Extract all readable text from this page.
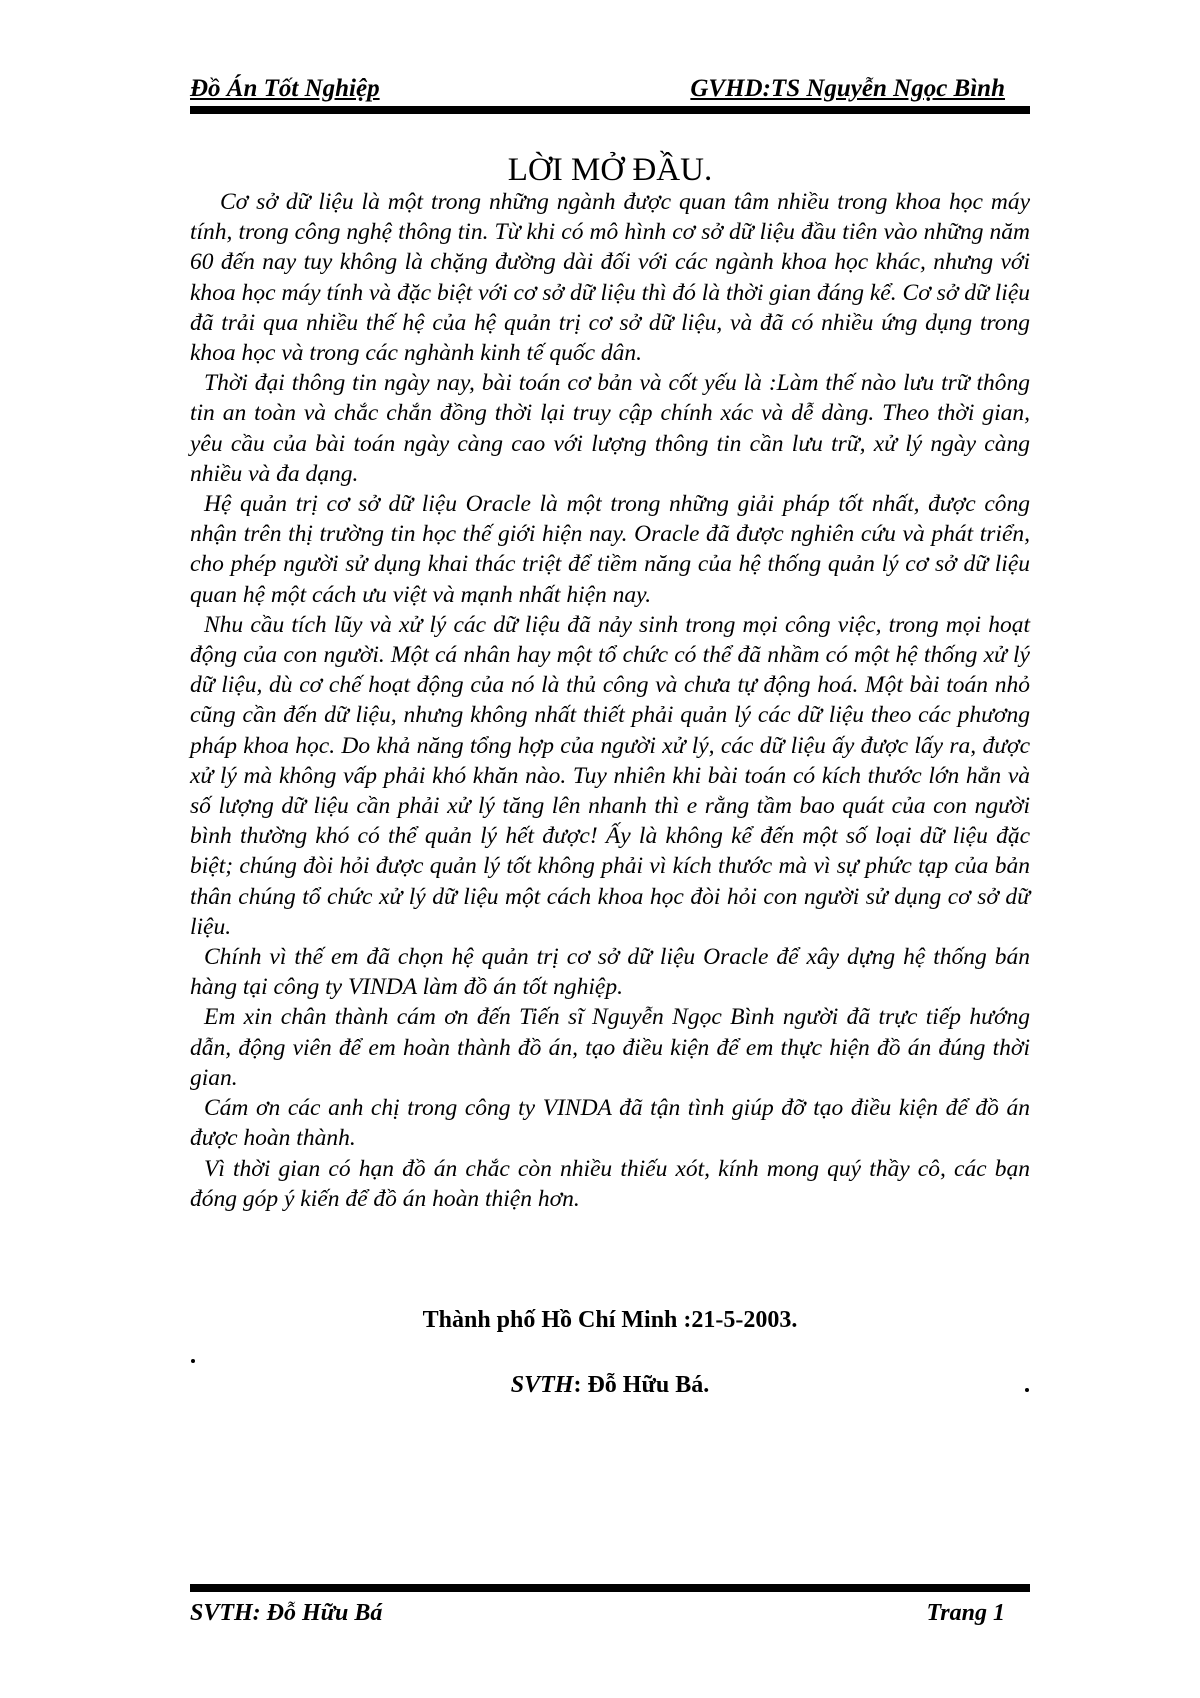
Đồ Án Tốt Nghiệp	GVHD:TS Nguyễn Ngọc Bình
LỜI MỞ ĐẦU.

Cơ sở dữ liệu là một trong những ngành được quan tâm nhiều trong khoa học máy tính, trong công nghệ thông tin. Từ khi có mô hình cơ sở dữ liệu đầu tiên vào những năm 60 đến nay tuy không là chặng đường dài đối với các ngành khoa học khác, nhưng với khoa học máy tính và đặc biệt với cơ sở dữ liệu thì đó là thời gian đáng kể. Cơ sở dữ liệu đã trải qua nhiều thế hệ của hệ quản trị cơ sở dữ liệu, và đã có nhiều ứng dụng trong khoa học và trong các nghành kinh tế quốc dân.

Thời đại thông tin ngày nay, bài toán cơ bản và cốt yếu là :Làm thế nào lưu trữ thông tin an toàn và chắc chắn đồng thời lại truy cập chính xác và dễ dàng. Theo thời gian, yêu cầu của bài toán ngày càng cao với lượng thông tin cần lưu trữ, xử lý ngày càng nhiều và đa dạng.

Hệ quản trị cơ sở dữ liệu Oracle là một trong những giải pháp tốt nhất, được công nhận trên thị trường tin học thế giới hiện nay. Oracle đã được nghiên cứu và phát triển, cho phép người sử dụng khai thác triệt để tiềm năng của hệ thống quản lý cơ sở dữ liệu quan hệ một cách ưu việt và mạnh nhất hiện nay.

Nhu cầu tích lũy và xử lý các dữ liệu đã nảy sinh trong mọi công việc, trong mọi hoạt động của con người. Một cá nhân hay một tổ chức có thể đã nhầm có một hệ thống xử lý dữ liệu, dù cơ chế hoạt động của nó là thủ công và chưa tự động hoá. Một bài toán nhỏ cũng cần đến dữ liệu, nhưng không nhất thiết phải quản lý các dữ liệu theo các phương pháp khoa học. Do khả năng tổng hợp của người xử lý, các dữ liệu ấy được lấy ra, được xử lý mà không vấp phải khó khăn nào. Tuy nhiên khi bài toán có kích thước lớn hẳn và số lượng dữ liệu cần phải xử lý tăng lên nhanh thì e rằng tầm bao quát của con người bình thường khó có thể quản lý hết được! Ấy là không kể đến một số loại dữ liệu đặc biệt; chúng đòi hỏi được quản lý tốt không phải vì kích thước mà vì sự phức tạp của bản thân chúng tổ chức xử lý dữ liệu một cách khoa học đòi hỏi con người sử dụng cơ sở dữ liệu.

Chính vì thế em đã chọn hệ quản trị cơ sở dữ liệu Oracle để xây dựng hệ thống bán hàng tại công ty VINDA làm đồ án tốt nghiệp.

Em xin chân thành cám ơn đến Tiến sĩ Nguyễn Ngọc Bình người đã trực tiếp hướng dẫn, động viên để em hoàn thành đồ án, tạo điều kiện để em thực hiện đồ án đúng thời gian.

Cám ơn các anh chị trong công ty VINDA đã tận tình giúp đỡ tạo điều kiện để đồ án được hoàn thành.

Vì thời gian có hạn đồ án chắc còn nhiều thiếu xót, kính mong quý thầy cô, các bạn đóng góp ý kiến để đồ án hoàn thiện hơn.

Thành phố Hồ Chí Minh :21-5-2003.
SVTH: Đỗ Hữu Bá.
SVTH: Đỗ Hữu Bá	Trang 1
